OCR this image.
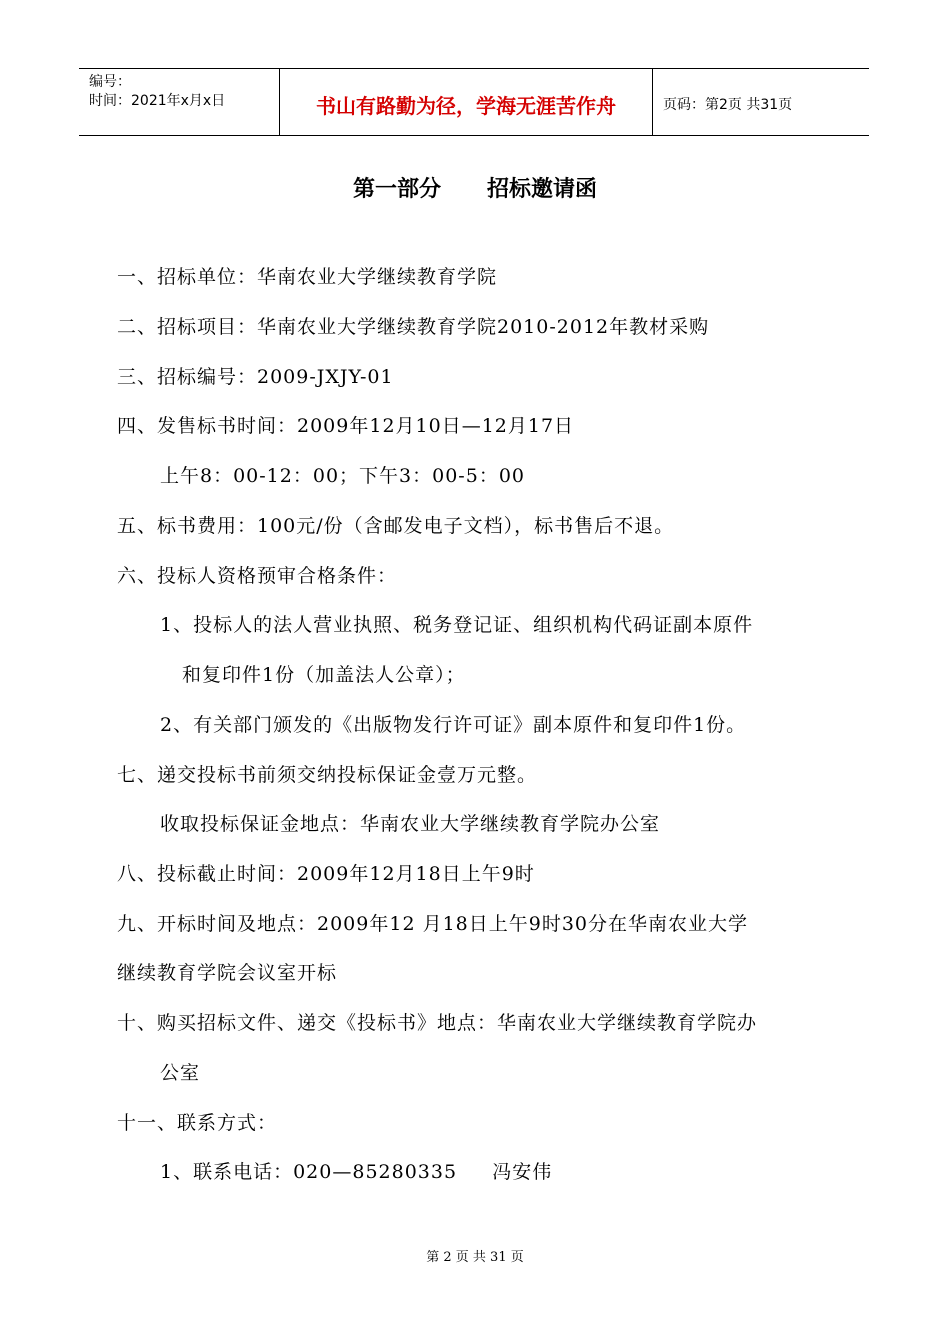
编号：
时间：2021年x月x日	书山有路勤为径，学海无涯苦作舟	页码：第2页 共31页
第一部分      招标邀请函
一、招标单位：华南农业大学继续教育学院
二、招标项目：华南农业大学继续教育学院2010-2012年教材采购
三、招标编号：2009-JXJY-01
四、发售标书时间：2009年12月10日—12月17日
上午8：00-12：00；下午3：00-5：00
五、标书费用：100元/份（含邮发电子文档），标书售后不退。
六、投标人资格预审合格条件：
1、投标人的法人营业执照、税务登记证、组织机构代码证副本原件
和复印件1份（加盖法人公章）；
2、有关部门颁发的《出版物发行许可证》副本原件和复印件1份。
七、递交投标书前须交纳投标保证金壹万元整。
收取投标保证金地点：华南农业大学继续教育学院办公室
八、投标截止时间：2009年12月18日上午9时
九、开标时间及地点：2009年12 月18日上午9时30分在华南农业大学
继续教育学院会议室开标
十、购买招标文件、递交《投标书》地点：华南农业大学继续教育学院办
公室
十一、联系方式：
1、联系电话：020—85280335     冯安伟
第 2 页 共 31 页
